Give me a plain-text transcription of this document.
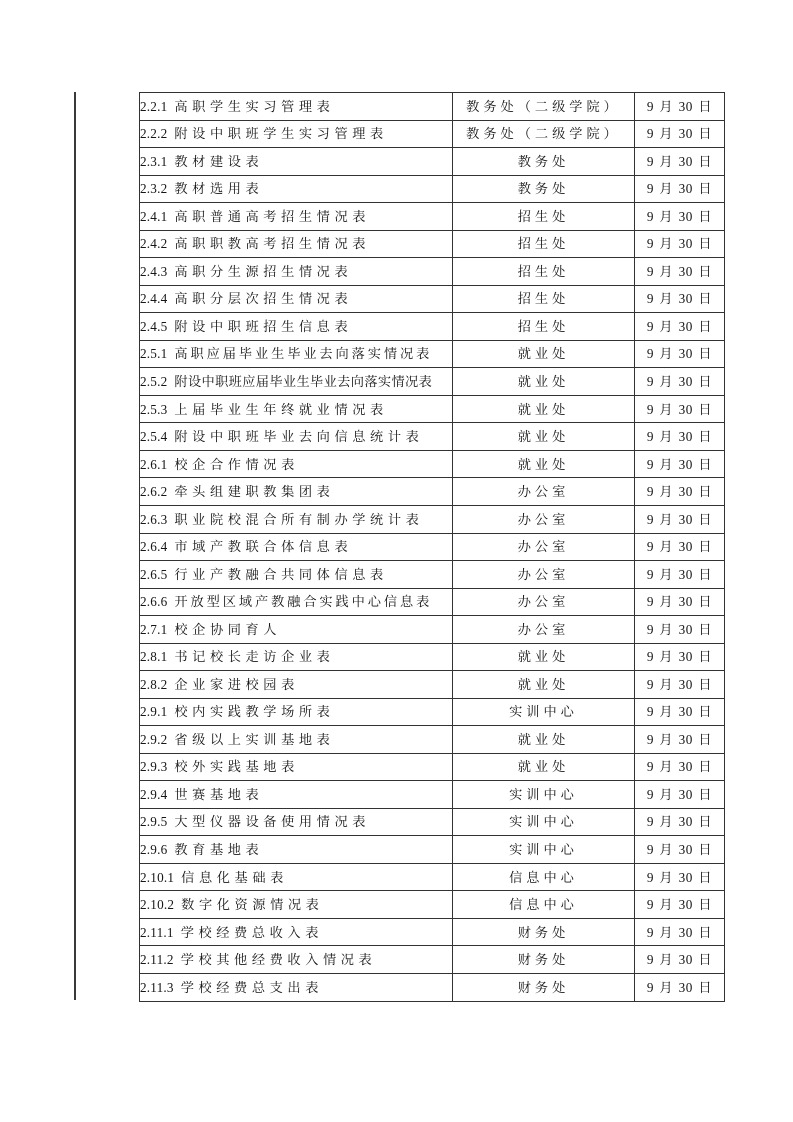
2.2.1 高职学生实习管理表	教务处（二级学院）	9 月 30 日
2.2.2 附设中职班学生实习管理表	教务处（二级学院）	9 月 30 日
2.3.1 教材建设表	教务处	9 月 30 日
2.3.2 教材选用表	教务处	9 月 30 日
2.4.1 高职普通高考招生情况表	招生处	9 月 30 日
2.4.2 高职职教高考招生情况表	招生处	9 月 30 日
2.4.3 高职分生源招生情况表	招生处	9 月 30 日
2.4.4 高职分层次招生情况表	招生处	9 月 30 日
2.4.5 附设中职班招生信息表	招生处	9 月 30 日
2.5.1 高职应届毕业生毕业去向落实情况表	就业处	9 月 30 日
2.5.2 附设中职班应届毕业生毕业去向落实情况表	就业处	9 月 30 日
2.5.3 上届毕业生年终就业情况表	就业处	9 月 30 日
2.5.4 附设中职班毕业去向信息统计表	就业处	9 月 30 日
2.6.1 校企合作情况表	就业处	9 月 30 日
2.6.2 牵头组建职教集团表	办公室	9 月 30 日
2.6.3 职业院校混合所有制办学统计表	办公室	9 月 30 日
2.6.4 市域产教联合体信息表	办公室	9 月 30 日
2.6.5 行业产教融合共同体信息表	办公室	9 月 30 日
2.6.6 开放型区域产教融合实践中心信息表	办公室	9 月 30 日
2.7.1 校企协同育人	办公室	9 月 30 日
2.8.1 书记校长走访企业表	就业处	9 月 30 日
2.8.2 企业家进校园表	就业处	9 月 30 日
2.9.1 校内实践教学场所表	实训中心	9 月 30 日
2.9.2 省级以上实训基地表	就业处	9 月 30 日
2.9.3 校外实践基地表	就业处	9 月 30 日
2.9.4 世赛基地表	实训中心	9 月 30 日
2.9.5 大型仪器设备使用情况表	实训中心	9 月 30 日
2.9.6 教育基地表	实训中心	9 月 30 日
2.10.1 信息化基础表	信息中心	9 月 30 日
2.10.2 数字化资源情况表	信息中心	9 月 30 日
2.11.1 学校经费总收入表	财务处	9 月 30 日
2.11.2 学校其他经费收入情况表	财务处	9 月 30 日
2.11.3 学校经费总支出表	财务处	9 月 30 日
